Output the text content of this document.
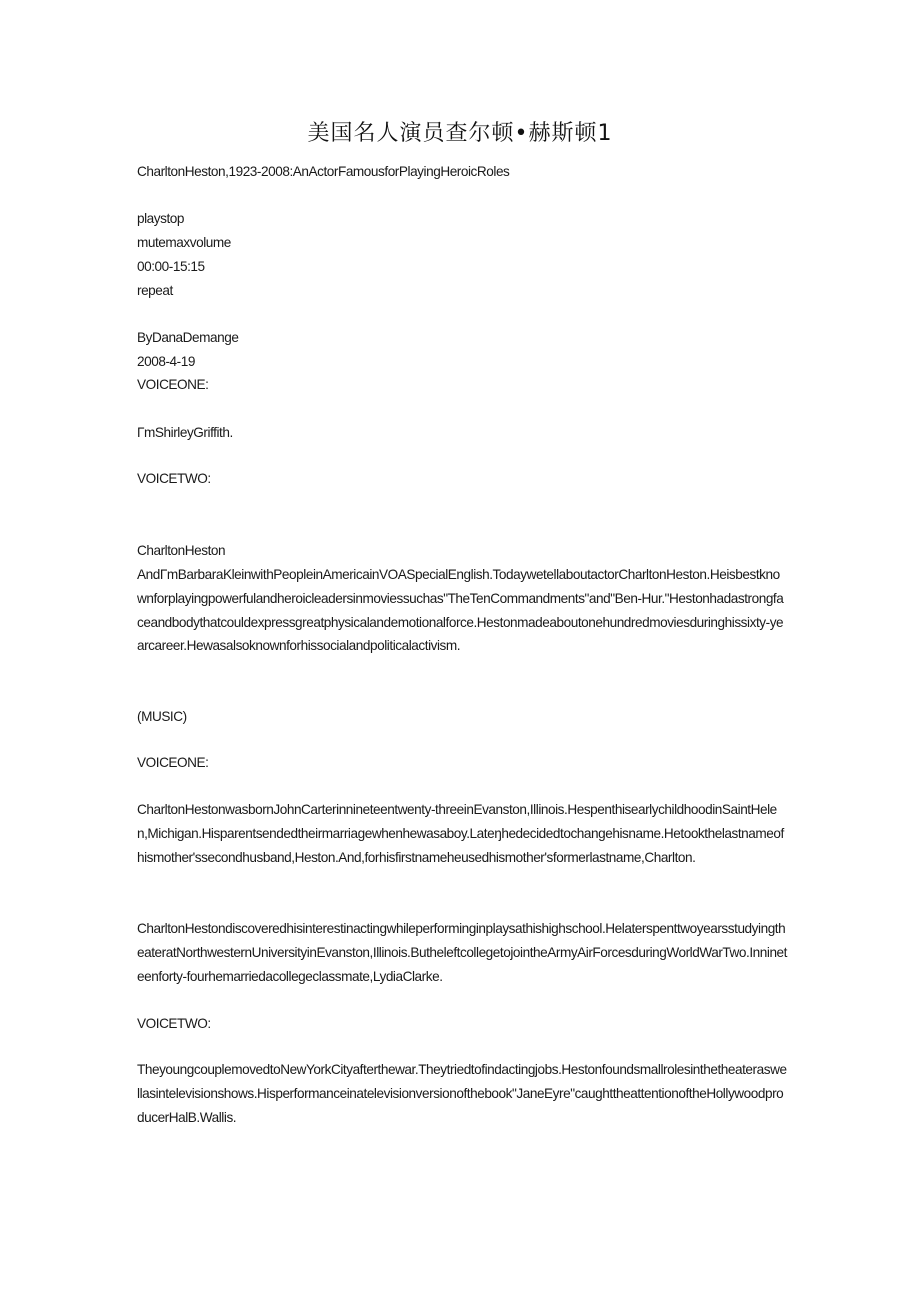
美国名人演员查尔顿•赫斯顿1
CharltonHeston,1923-2008:AnActorFamousforPlayingHeroicRoles
playstop
mutemaxvolume
00:00-15:15
repeat
ByDanaDemange
2008-4-19
VOICEONE:
ΓmShirleyGriffith.
VOICETWO:
CharltonHeston
AndΓmBarbaraKleinwithPeopleinAmericainVOASpecialEnglish.TodaywetellaboutactorCharltonHeston.Heisbestknownforplayingpowerfulandheroicleadersinmoviessuchas"TheTenCommandments"and"Ben-Hur."Hestonhadastrongfaceandbodythatcouldexpressgreatphysicalandemotionalforce.Hestonmadeaboutonehundredmoviesduringhissixty-yearcareer.Hewasalsoknownforhissocialandpoliticalactivism.
(MUSIC)
VOICEONE:
CharltonHestonwasbornJohnCarterinnineteentwenty-threeinEvanston,Illinois.HespenthisearlychildhoodinSaintHelen,Michigan.Hisparentsendedtheirmarriagewhenhewasaboy.Lateŋhedecidedtochangehisname.Hetookthelastnameofhismother'ssecondhusband,Heston.And,forhisfirstnameheusedhismother'sformerlastname,Charlton.
CharltonHestondiscoveredhisinterestinactingwhileperforminginplaysathishighschool.HelaterspenttwoyearsstudyingtheateratNorthwesternUniversityinEvanston,Illinois.ButheleftcollegetojointheArmyAirForcesduringWorldWarTwo.Innineteenforty-fourhemarriedacollegeclassmate,LydiaClarke.
VOICETWO:
TheyoungcouplemovedtoNewYorkCityafterthewar.Theytriedtofindactingjobs.Hestonfoundsmallrolesinthetheateraswellasintelevisionshows.Hisperformanceinatelevisionversionofthebook"JaneEyre"caughttheattentionoftheHollywoodproducerHalB.Wallis.
